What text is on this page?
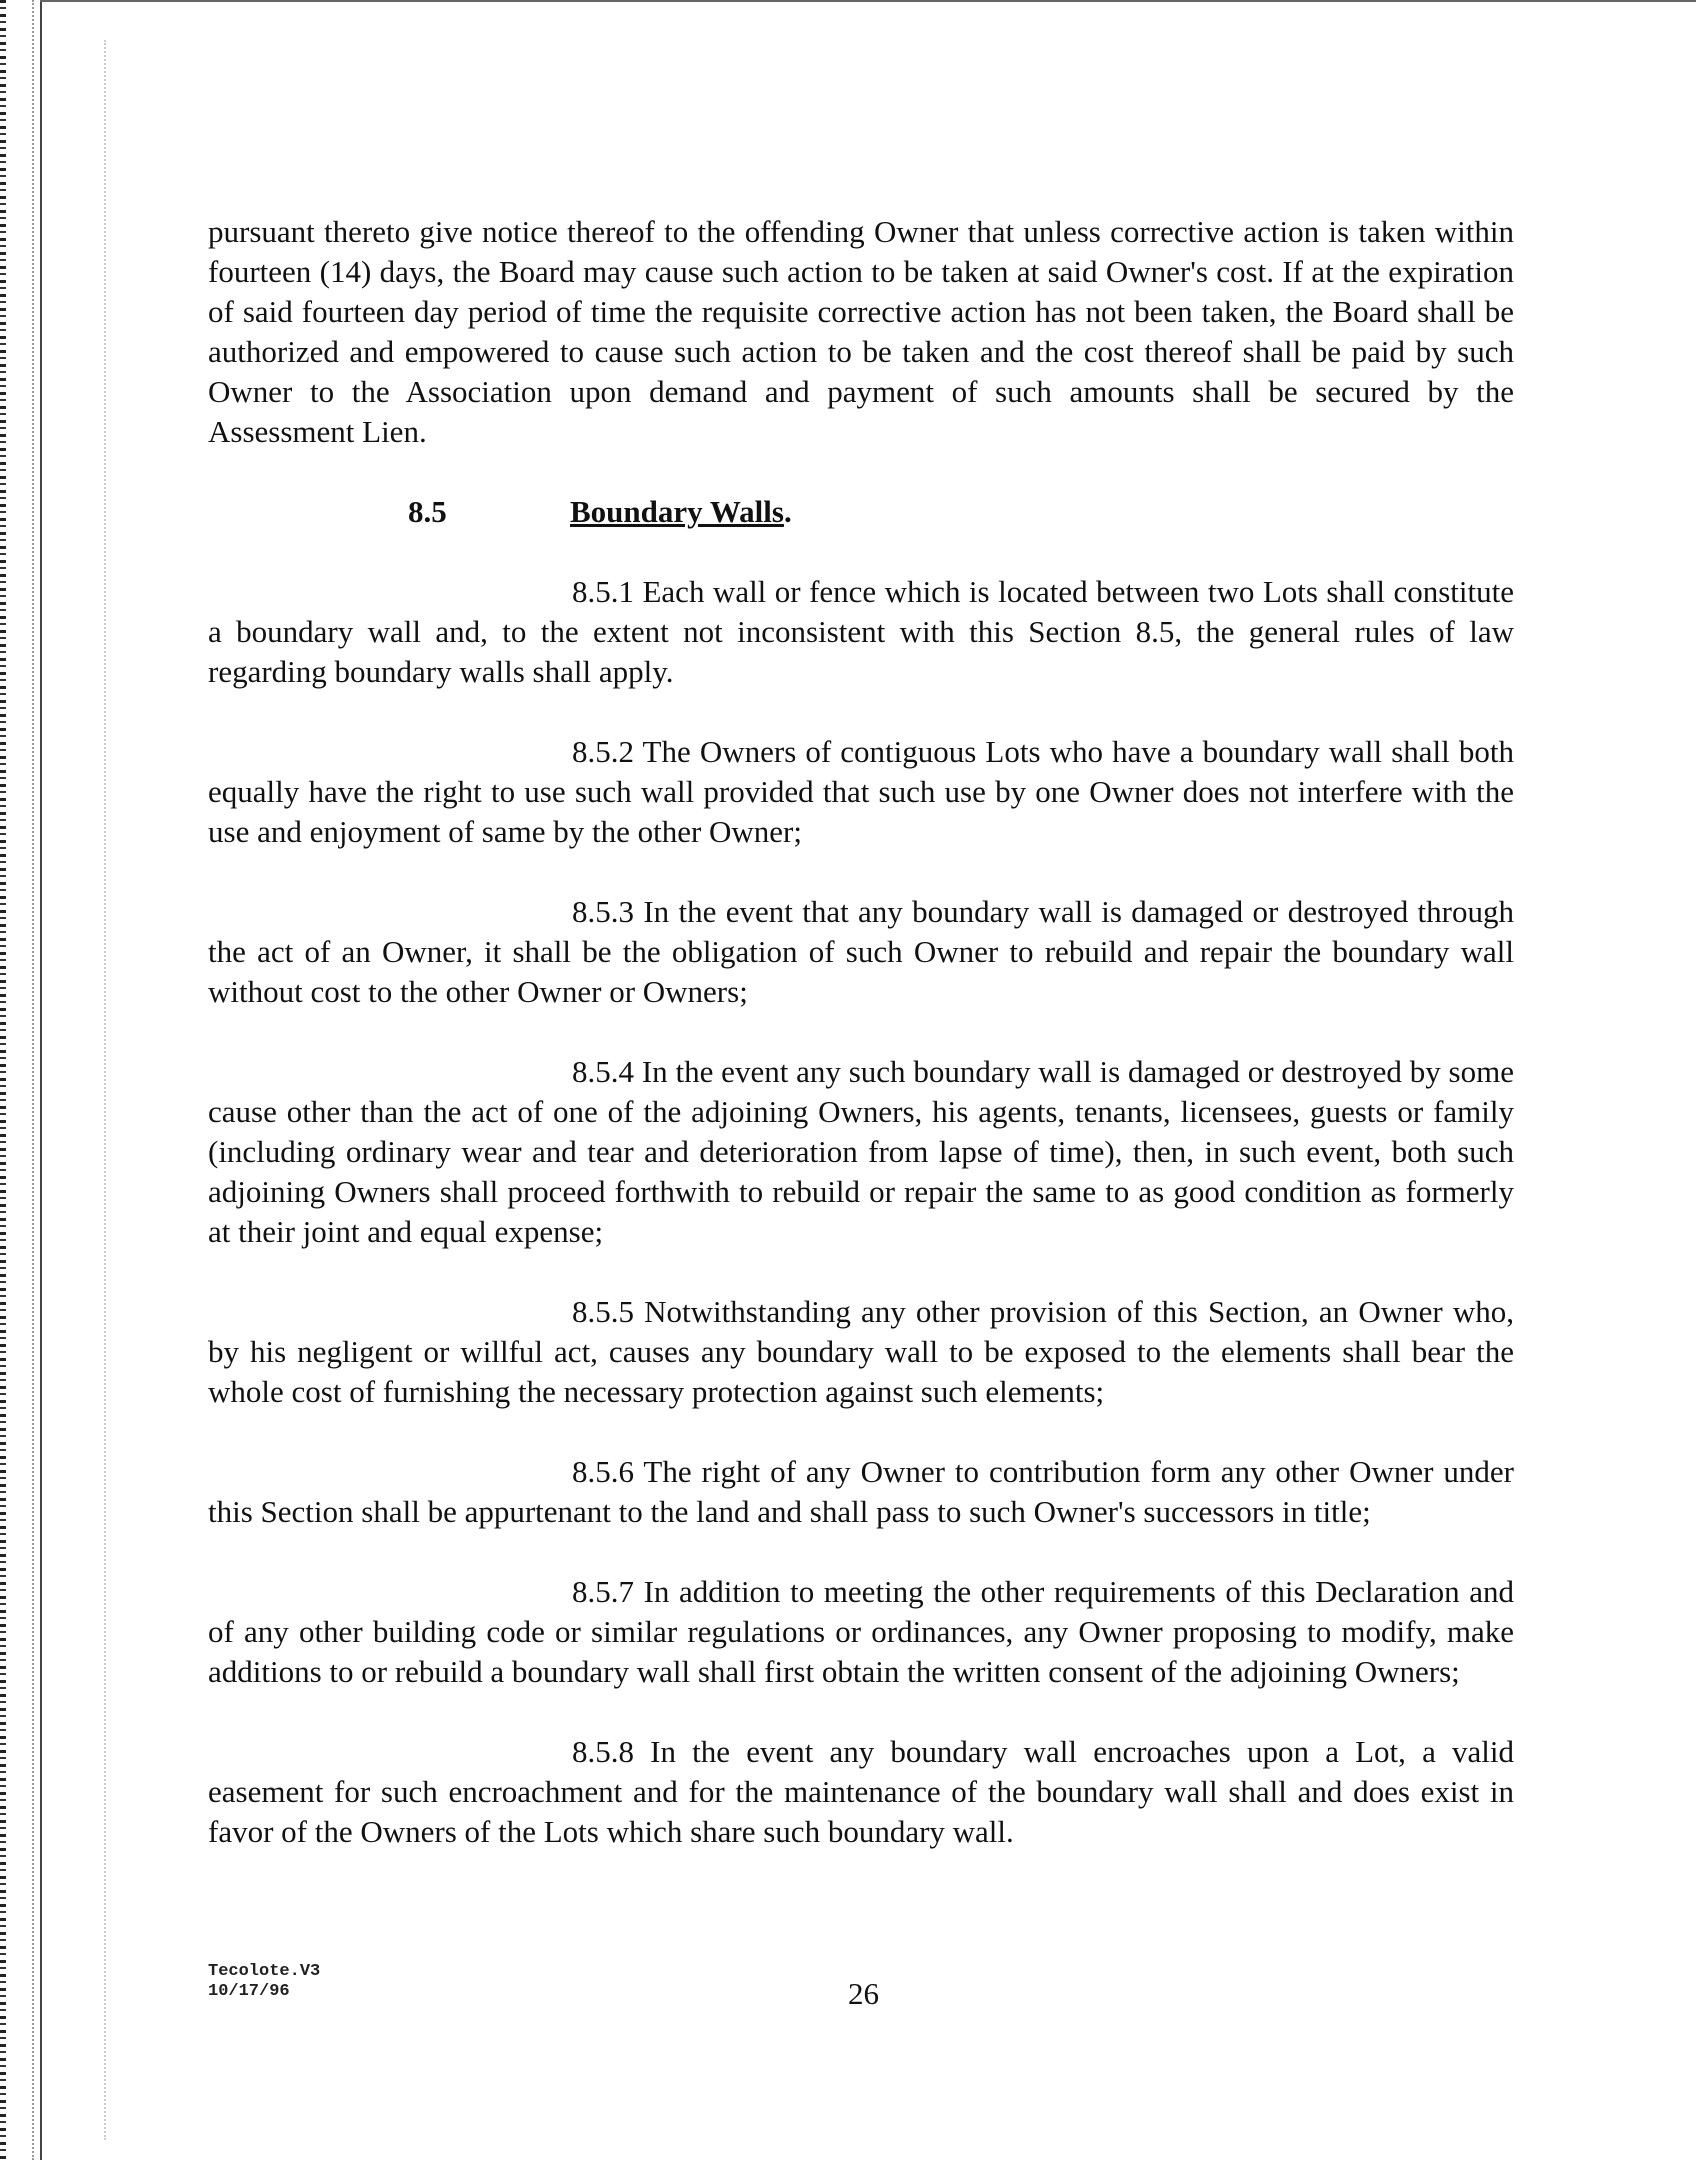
pursuant thereto give notice thereof to the offending Owner that unless corrective action is taken within fourteen (14) days, the Board may cause such action to be taken at said Owner's cost. If at the expiration of said fourteen day period of time the requisite corrective action has not been taken, the Board shall be authorized and empowered to cause such action to be taken and the cost thereof shall be paid by such Owner to the Association upon demand and payment of such amounts shall be secured by the Assessment Lien.

8.5	Boundary Walls.

8.5.1 Each wall or fence which is located between two Lots shall constitute a boundary wall and, to the extent not inconsistent with this Section 8.5, the general rules of law regarding boundary walls shall apply.

8.5.2 The Owners of contiguous Lots who have a boundary wall shall both equally have the right to use such wall provided that such use by one Owner does not interfere with the use and enjoyment of same by the other Owner;

8.5.3 In the event that any boundary wall is damaged or destroyed through the act of an Owner, it shall be the obligation of such Owner to rebuild and repair the boundary wall without cost to the other Owner or Owners;

8.5.4 In the event any such boundary wall is damaged or destroyed by some cause other than the act of one of the adjoining Owners, his agents, tenants, licensees, guests or family (including ordinary wear and tear and deterioration from lapse of time), then, in such event, both such adjoining Owners shall proceed forthwith to rebuild or repair the same to as good condition as formerly at their joint and equal expense;

8.5.5 Notwithstanding any other provision of this Section, an Owner who, by his negligent or willful act, causes any boundary wall to be exposed to the elements shall bear the whole cost of furnishing the necessary protection against such elements;

8.5.6 The right of any Owner to contribution form any other Owner under this Section shall be appurtenant to the land and shall pass to such Owner's successors in title;

8.5.7 In addition to meeting the other requirements of this Declaration and of any other building code or similar regulations or ordinances, any Owner proposing to modify, make additions to or rebuild a boundary wall shall first obtain the written consent of the adjoining Owners;

8.5.8 In the event any boundary wall encroaches upon a Lot, a valid easement for such encroachment and for the maintenance of the boundary wall shall and does exist in favor of the Owners of the Lots which share such boundary wall.

Tecolote.V3
10/17/96	26
